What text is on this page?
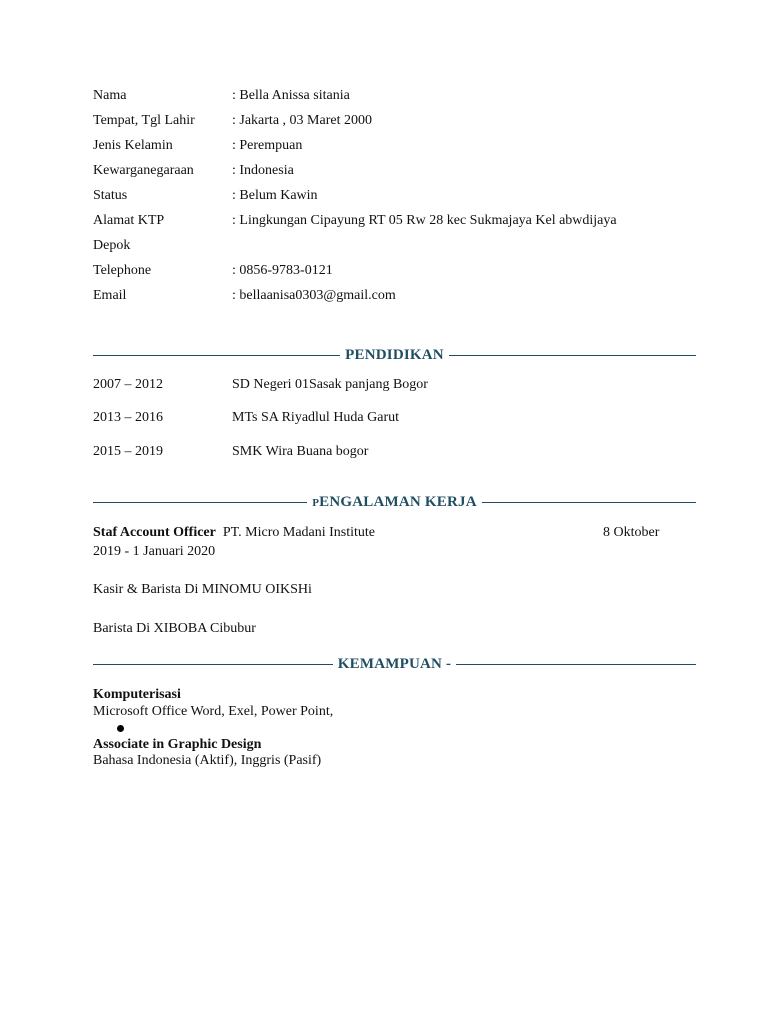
Nama	: Bella Anissa sitania
Tempat, Tgl Lahir	: Jakarta , 03 Maret 2000
Jenis Kelamin	: Perempuan
Kewarganegaraan	: Indonesia
Status	: Belum Kawin
Alamat KTP	: Lingkungan Cipayung RT 05 Rw 28 kec Sukmajaya Kel abwdijaya
Depok
Telephone	: 0856-9783-0121
Email	: bellaanisa0303@gmail.com
PENDIDIKAN
2007 – 2012	SD Negeri 01Sasak panjang Bogor
2013 – 2016	MTs SA Riyadlul Huda Garut
2015 – 2019	SMK Wira Buana bogor
PENGALAMAN KERJA
Staf Account Officer PT. Micro Madani Institute	8 Oktober
2019 - 1 Januari 2020
Kasir & Barista Di MINOMU OIKSHi
Barista Di XIBOBA Cibubur
KEMAMPUAN -
Komputerisasi
Microsoft Office Word, Exel, Power Point,
Associate in Graphic Design
Bahasa Indonesia (Aktif), Inggris (Pasif)
